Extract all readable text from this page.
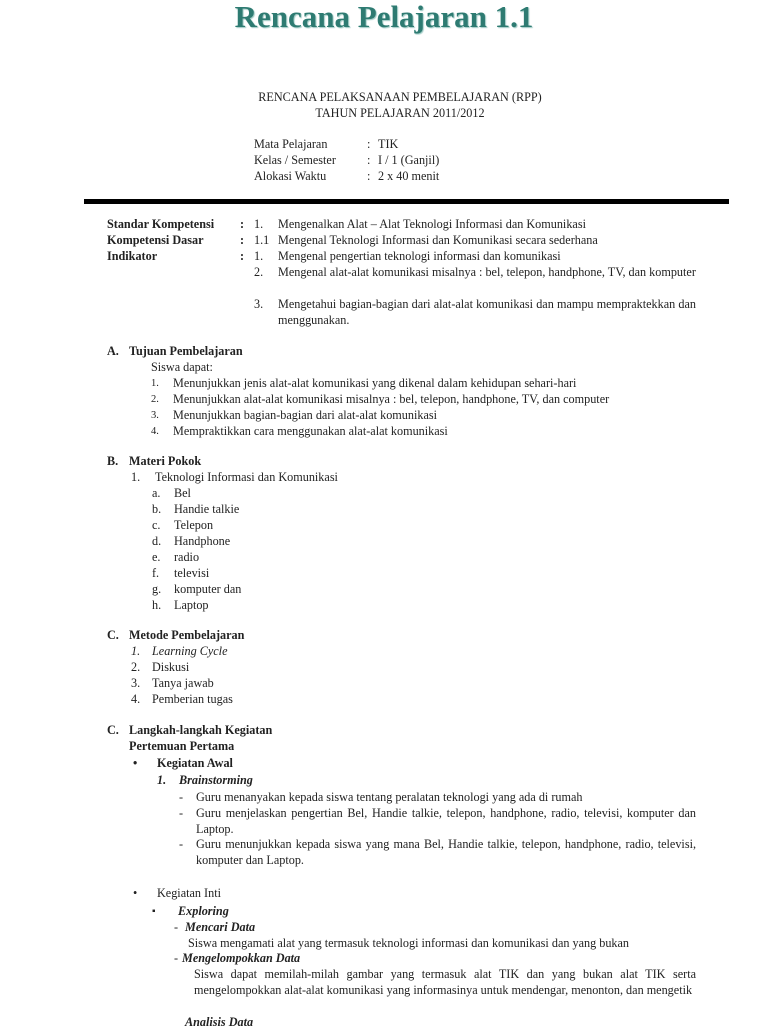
Rencana Pelajaran 1.1
RENCANA PELAKSANAAN PEMBELAJARAN (RPP)
TAHUN PELAJARAN 2011/2012
Mata Pelajaran	: TIK
Kelas / Semester	: I / 1 (Ganjil)
Alokasi Waktu	: 2 x 40 menit
Standar Kompetensi : 1. Mengenalkan Alat – Alat Teknologi Informasi dan Komunikasi
Kompetensi Dasar	: 1.1 Mengenal Teknologi Informasi dan Komunikasi secara sederhana
Indikator	: 1. Mengenal pengertian teknologi informasi dan komunikasi
2. Mengenal alat-alat komunikasi misalnya : bel, telepon, handphone, TV, dan komputer
3. Mengetahui bagian-bagian dari alat-alat komunikasi dan mampu mempraktekkan dan menggunakan.
A. Tujuan Pembelajaran
Siswa dapat:
1. Menunjukkan jenis alat-alat komunikasi yang dikenal dalam kehidupan sehari-hari
2. Menunjukkan alat-alat komunikasi misalnya : bel, telepon, handphone, TV, dan computer
3. Menunjukkan bagian-bagian dari alat-alat komunikasi
4. Mempraktikkan cara menggunakan alat-alat komunikasi
B. Materi Pokok
1. Teknologi Informasi dan Komunikasi
a. Bel
b. Handie talkie
c. Telepon
d. Handphone
e. radio
f. televisi
g. komputer dan
h. Laptop
C. Metode Pembelajaran
1. Learning Cycle
2. Diskusi
3. Tanya jawab
4. Pemberian tugas
C. Langkah-langkah Kegiatan
Pertemuan Pertama
• Kegiatan Awal
1. Brainstorming
- Guru menanyakan kepada siswa tentang peralatan teknologi yang ada di rumah
- Guru menjelaskan pengertian Bel, Handie talkie, telepon, handphone, radio, televisi, komputer dan Laptop.
- Guru menunjukkan kepada siswa yang mana Bel, Handie talkie, telepon, handphone, radio, televisi, komputer dan Laptop.
• Kegiatan Inti
▪ Exploring
- Mencari Data
Siswa mengamati alat yang termasuk teknologi informasi dan komunikasi dan yang bukan
- Mengelompokkan Data
Siswa dapat memilah-milah gambar yang termasuk alat TIK dan yang bukan alat TIK serta mengelompokkan alat-alat komunikasi yang informasinya untuk mendengar, menonton, dan mengetik
Analisis Data
